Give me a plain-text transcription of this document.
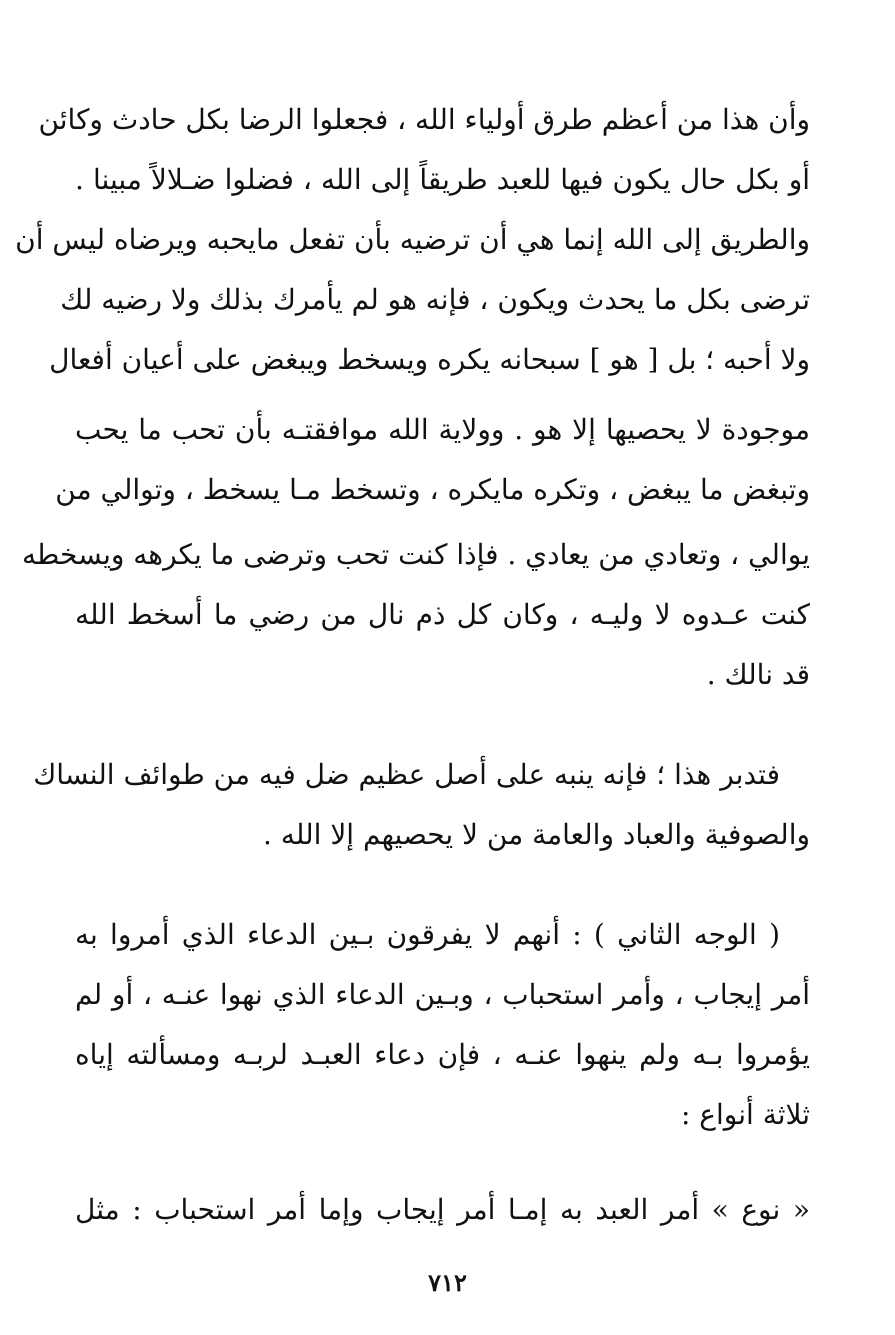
وأن هذا من أعظم طرق أولياء الله ، فجعلوا الرضا بكل حادث وكائن
أو بكل حال يكون فيها للعبد طريقاً إلى الله ، فضلوا ضـلالاً مبينا .
والطريق إلى الله إنما هي أن ترضيه بأن تفعل مايحبه ويرضاه ليس أن
ترضى بكل ما يحدث ويكون ، فإنه هو لم يأمرك بذلك ولا رضيه لك
ولا أحبه ؛ بل [ هو ] سبحانه يكره ويسخط ويبغض على أعيان أفعال
موجودة لا يحصيها إلا هو . وولاية الله موافقتـه بأن تحب ما يحب
وتبغض ما يبغض ، وتكره مايكره ، وتسخط مـا يسخط ، وتوالي من
يوالي ، وتعادي من يعادي . فإذا كنت تحب وترضى ما يكرهه ويسخطه
كنت عـدوه لا وليـه ، وكان كل ذم نال من رضي ما أسخط الله
قد نالك .
فتدبر هذا ؛ فإنه ينبه على أصل عظيم ضل فيه من طوائف النساك
والصوفية والعباد والعامة من لا يحصيهم إلا الله .
( الوجه الثاني ) : أنهم لا يفرقون بـين الدعاء الذي أمروا به
أمر إيجاب ، وأمر استحباب ، وبـين الدعاء الذي نهوا عنـه ، أو لم
يؤمروا بـه ولم ينهوا عنـه ، فإن دعاء العبـد لربـه ومسألته إياه
ثلاثة أنواع :
« نوع » أمر العبد به إمـا أمر إيجاب وإما أمر استحباب : مثل
٧١٢
